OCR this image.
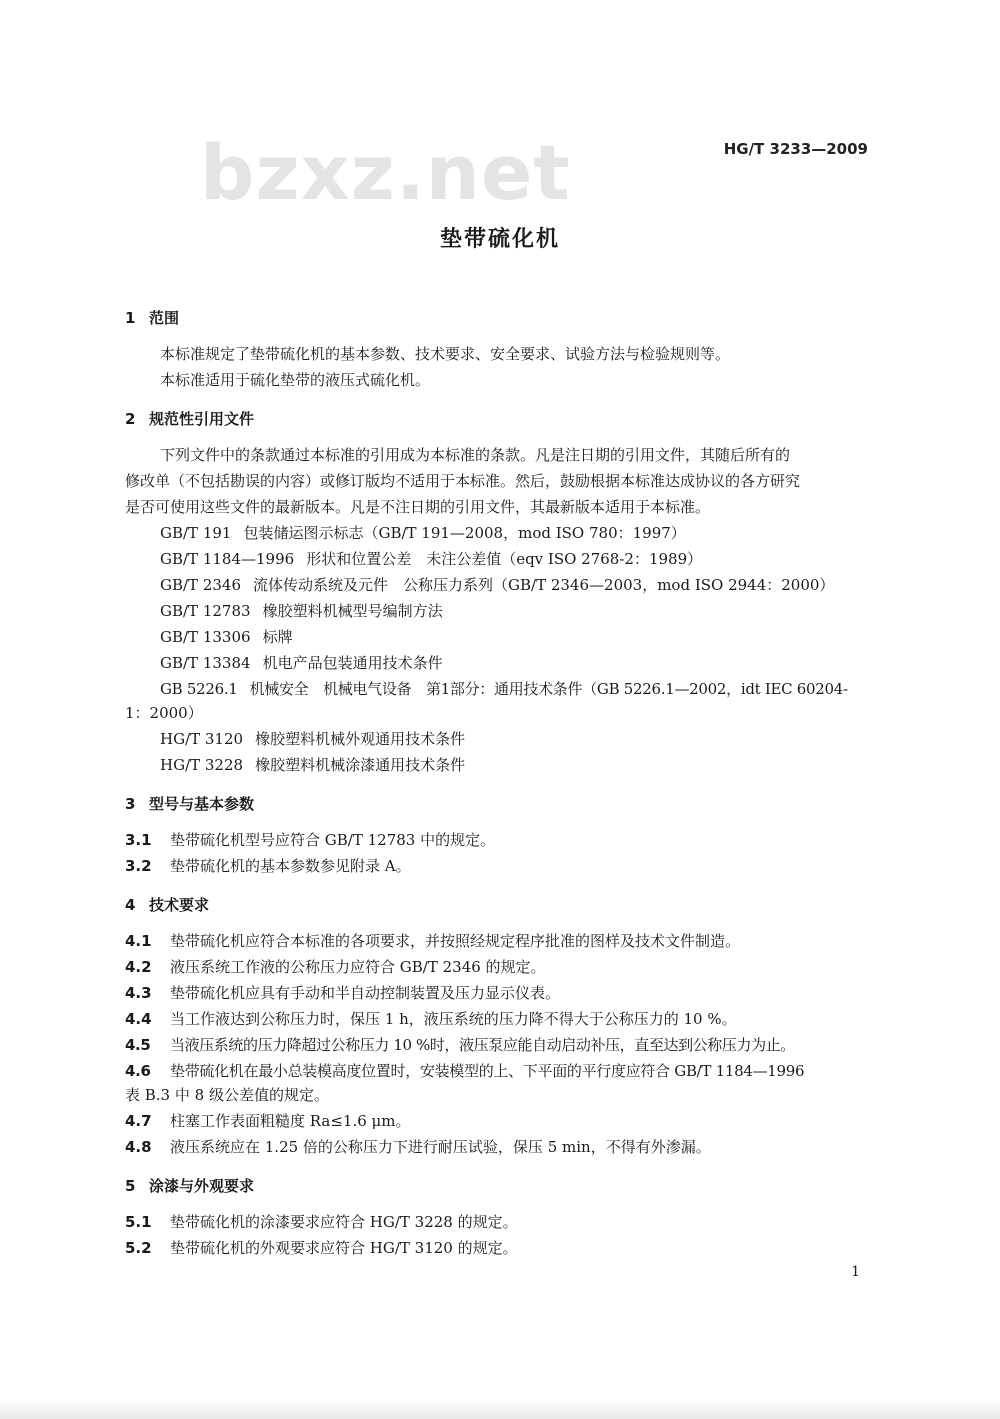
bzxz.net	HG/T 3233—2009
垫带硫化机
1 范围
本标准规定了垫带硫化机的基本参数、技术要求、安全要求、试验方法与检验规则等。
本标准适用于硫化垫带的液压式硫化机。
2 规范性引用文件
下列文件中的条款通过本标准的引用成为本标准的条款。凡是注日期的引用文件，其随后所有的
修改单（不包括勘误的内容）或修订版均不适用于本标准。然后，鼓励根据本标准达成协议的各方研究
是否可使用这些文件的最新版本。凡是不注日期的引用文件，其最新版本适用于本标准。
GB/T 191 包装储运图示标志（GB/T 191—2008，mod ISO 780：1997）
GB/T 1184—1996 形状和位置公差　未注公差值（eqv ISO 2768-2：1989）
GB/T 2346 流体传动系统及元件　公称压力系列（GB/T 2346—2003，mod ISO 2944：2000）
GB/T 12783 橡胶塑料机械型号编制方法
GB/T 13306 标牌
GB/T 13384 机电产品包装通用技术条件
GB 5226.1 机械安全　机械电气设备　第1部分：通用技术条件（GB 5226.1—2002，idt IEC 60204-
1：2000）
HG/T 3120 橡胶塑料机械外观通用技术条件
HG/T 3228 橡胶塑料机械涂漆通用技术条件
3 型号与基本参数
3.1 垫带硫化机型号应符合 GB/T 12783 中的规定。
3.2 垫带硫化机的基本参数参见附录 A。
4 技术要求
4.1 垫带硫化机应符合本标准的各项要求，并按照经规定程序批准的图样及技术文件制造。
4.2 液压系统工作液的公称压力应符合 GB/T 2346 的规定。
4.3 垫带硫化机应具有手动和半自动控制装置及压力显示仪表。
4.4 当工作液达到公称压力时，保压 1 h，液压系统的压力降不得大于公称压力的 10 %。
4.5 当液压系统的压力降超过公称压力 10 %时，液压泵应能自动启动补压，直至达到公称压力为止。
4.6 垫带硫化机在最小总装模高度位置时，安装模型的上、下平面的平行度应符合 GB/T 1184—1996
表 B.3 中 8 级公差值的规定。
4.7 柱塞工作表面粗糙度 Ra≤1.6 μm。
4.8 液压系统应在 1.25 倍的公称压力下进行耐压试验，保压 5 min，不得有外渗漏。
5 涂漆与外观要求
5.1 垫带硫化机的涂漆要求应符合 HG/T 3228 的规定。
5.2 垫带硫化机的外观要求应符合 HG/T 3120 的规定。
1
